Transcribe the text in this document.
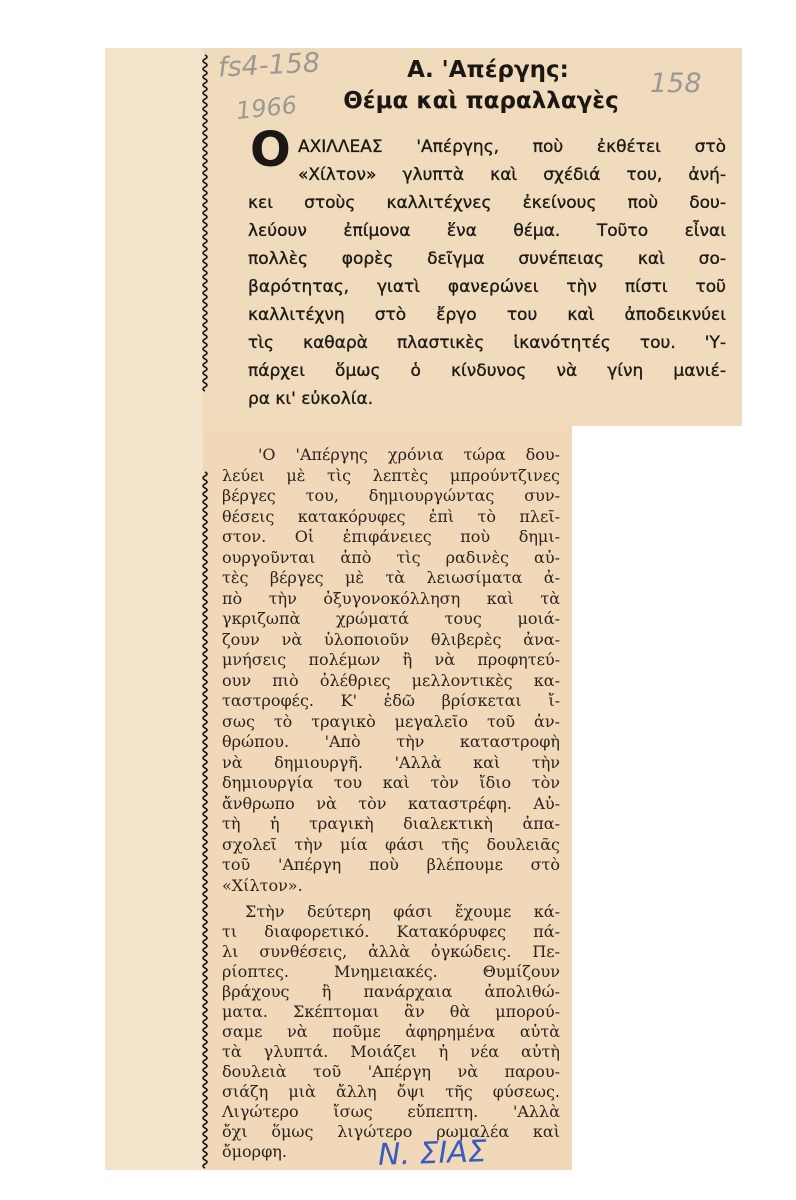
fs4-158
1966
158
Α. 'Απέργης:
Θέμα καὶ παραλλαγὲς
Ο ΑΧΙΛΛΕΑΣ 'Απέργης, ποὺ ἐκθέτει στὸ
«Χίλτον» γλυπτὰ καὶ σχέδιά του, ἀνή-
κει στοὺς καλλιτέχνες ἐκείνους ποὺ δου-
λεύουν ἐπίμονα ἕνα θέμα. Τοῦτο εἶναι
πολλὲς φορὲς δεῖγμα συνέπειας καὶ σο-
βαρότητας, γιατὶ φανερώνει τὴν πίστι τοῦ
καλλιτέχνη στὸ ἔργο του καὶ ἀποδεικνύει
τὶς καθαρὰ πλαστικὲς ἱκανότητές του. 'Υ-
πάρχει ὅμως ὁ κίνδυνος νὰ γίνη μανιέ-
ρα κι' εὐκολία.
'Ο 'Απέργης χρόνια τώρα δου-
λεύει μὲ τὶς λεπτὲς μπρούντζινες
βέργες του, δημιουργώντας συν-
θέσεις κατακόρυφες ἐπὶ τὸ πλεῖ-
στον. Οἱ ἐπιφάνειες ποὺ δημι-
ουργοῦνται ἀπὸ τὶς ραδινὲς αὐ-
τὲς βέργες μὲ τὰ λειωσίματα ἀ-
πὸ τὴν ὀξυγονοκόλληση καὶ τὰ
γκριζωπὰ χρώματά τους μοιά-
ζουν νὰ ὑλοποιοῦν θλιβερὲς ἀνα-
μνήσεις πολέμων ἢ νὰ προφητεύ-
ουν πιὸ ὀλέθριες μελλοντικὲς κα-
ταστροφές. Κ' ἐδῶ βρίσκεται ἴ-
σως τὸ τραγικὸ μεγαλεῖο τοῦ ἀν-
θρώπου. 'Απὸ τὴν καταστροφὴ
νὰ δημιουργῆ. 'Αλλὰ καὶ τὴν
δημιουργία του καὶ τὸν ἴδιο τὸν
ἄνθρωπο νὰ τὸν καταστρέφη. Αὐ-
τὴ ἡ τραγικὴ διαλεκτικὴ ἀπα-
σχολεῖ τὴν μία φάσι τῆς δουλειᾶς
τοῦ 'Απέργη ποὺ βλέπουμε στὸ
«Χίλτον».
Στὴν δεύτερη φάσι ἔχουμε κά-
τι διαφορετικό. Κατακόρυφες πά-
λι συνθέσεις, ἀλλὰ ὀγκώδεις. Πε-
ρίοπτες. Μνημειακές. Θυμίζουν
βράχους ἢ πανάρχαια ἀπολιθώ-
ματα. Σκέπτομαι ἂν θὰ μπορού-
σαμε νὰ ποῦμε ἀφηρημένα αὐτὰ
τὰ γλυπτά. Μοιάζει ἡ νέα αὐτὴ
δουλειὰ τοῦ 'Απέργη νὰ παρου-
σιάζη μιὰ ἄλλη ὄψι τῆς φύσεως.
Λιγώτερο ἴσως εὔπεπτη. 'Αλλὰ
ὄχι ὅμως λιγώτερο ρωμαλέα καὶ
ὄμορφη.	N. ΣΙΑΣ
